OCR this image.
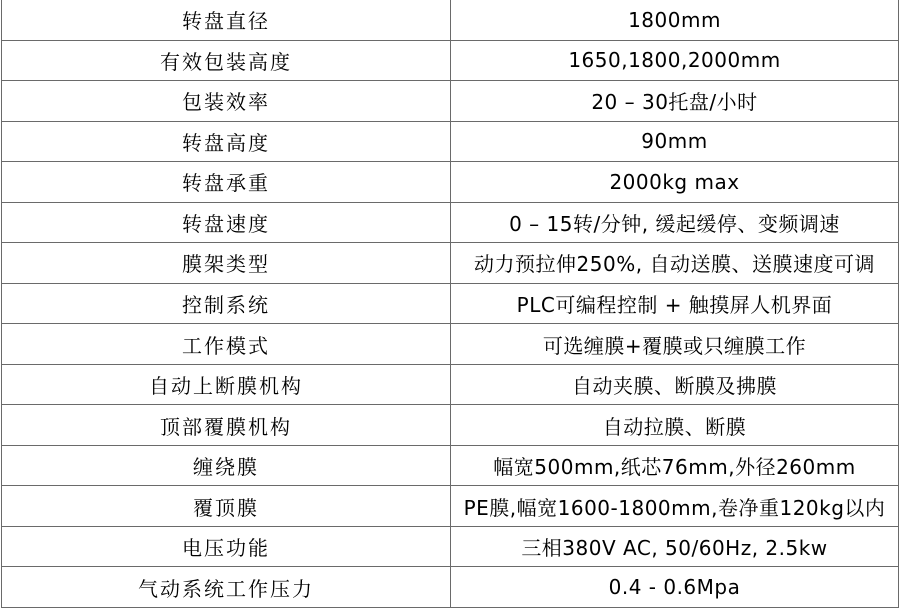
转盘直径	1800mm
有效包装高度	1650,1800,2000mm
包装效率	20 – 30托盘/小时
转盘高度	90mm
转盘承重	2000kg max
转盘速度	0 – 15转/分钟, 缓起缓停、变频调速
膜架类型	动力预拉伸250%, 自动送膜、送膜速度可调
控制系统	PLC可编程控制 + 触摸屏人机界面
工作模式	可选缠膜+覆膜或只缠膜工作
自动上断膜机构	自动夹膜、断膜及拂膜
顶部覆膜机构	自动拉膜、断膜
缠绕膜	幅宽500mm,纸芯76mm,外径260mm
覆顶膜	PE膜,幅宽1600-1800mm,卷净重120kg以内
电压功能	三相380V AC, 50/60Hz, 2.5kw
气动系统工作压力	0.4 - 0.6Mpa
